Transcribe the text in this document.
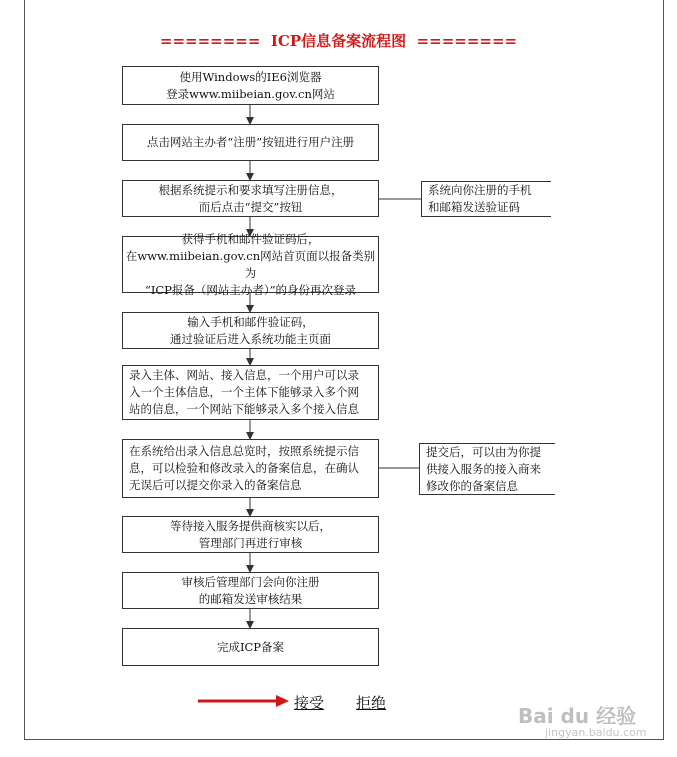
========  ICP信息备案流程图  ========
使用Windows的IE6浏览器
登录www.miibeian.gov.cn网站
点击网站主办者“注册”按钮进行用户注册
根据系统提示和要求填写注册信息，
而后点击“提交”按钮
获得手机和邮件验证码后，
在www.miibeian.gov.cn网站首页面以报备类别为
“ICP报备（网站主办者）”的身份再次登录
输入手机和邮件验证码，
通过验证后进入系统功能主页面
录入主体、网站、接入信息，一个用户可以录
入一个主体信息，一个主体下能够录入多个网
站的信息，一个网站下能够录入多个接入信息
在系统给出录入信息总览时，按照系统提示信
息，可以检验和修改录入的备案信息，在确认
无误后可以提交你录入的备案信息
等待接入服务提供商核实以后，
管理部门再进行审核
审核后管理部门会向你注册
的邮箱发送审核结果
完成ICP备案
系统向你注册的手机
和邮箱发送验证码
提交后，可以由为你提
供接入服务的接入商来
修改你的备案信息
接受 拒绝
Bai du 经验
jingyan.baidu.com
